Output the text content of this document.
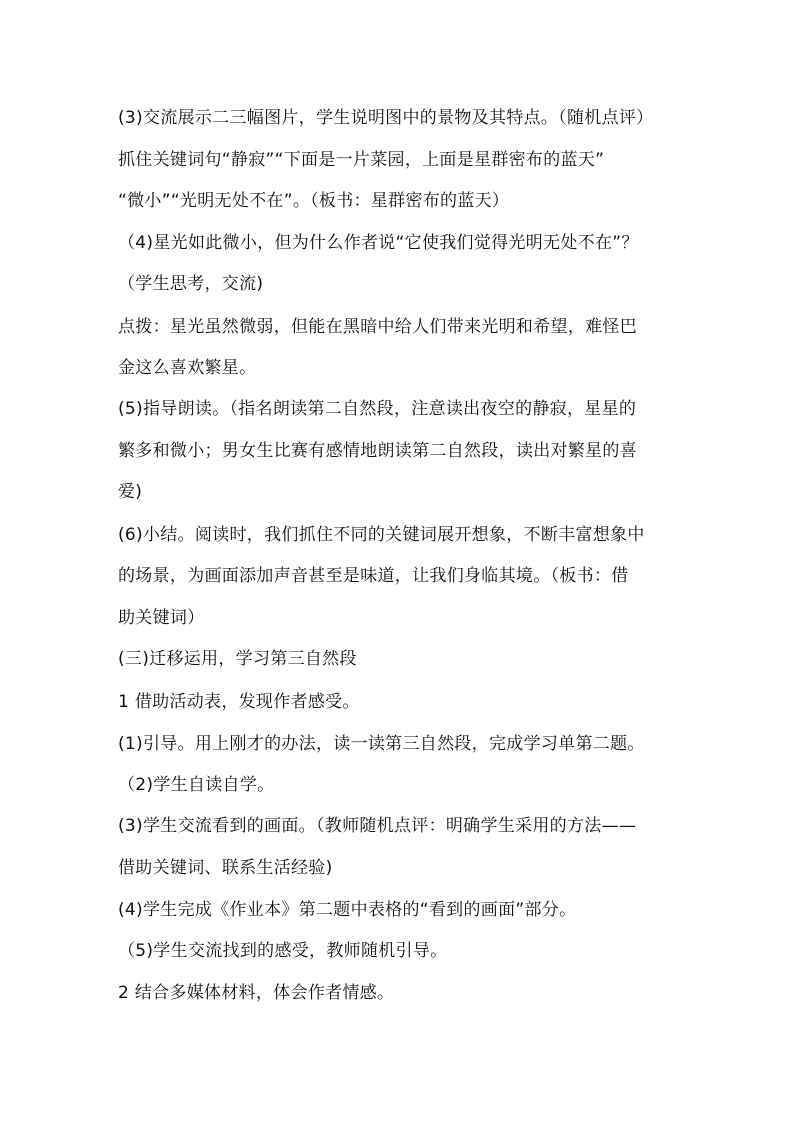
(3)交流展示二三幅图片，学生说明图中的景物及其特点。（随机点评）
抓住关键词句“静寂”“下面是一片菜园，上面是星群密布的蓝天”
“微小”“光明无处不在”。（板书：星群密布的蓝天）
（4)星光如此微小，但为什么作者说“它使我们觉得光明无处不在”？
（学生思考，交流)
点拨：星光虽然微弱，但能在黑暗中给人们带来光明和希望，难怪巴
金这么喜欢繁星。
(5)指导朗读。（指名朗读第二自然段，注意读出夜空的静寂，星星的
繁多和微小；男女生比赛有感情地朗读第二自然段，读出对繁星的喜
爱)
(6)小结。阅读时，我们抓住不同的关键词展开想象，不断丰富想象中
的场景，为画面添加声音甚至是味道，让我们身临其境。（板书：借
助关键词）
(三)迁移运用，学习第三自然段
1 借助活动表，发现作者感受。
(1)引导。用上刚才的办法，读一读第三自然段，完成学习单第二题。
（2)学生自读自学。
(3)学生交流看到的画面。（教师随机点评：明确学生采用的方法——
借助关键词、联系生活经验)
(4)学生完成《作业本》第二题中表格的“看到的画面”部分。
（5)学生交流找到的感受，教师随机引导。
2 结合多媒体材料，体会作者情感。
